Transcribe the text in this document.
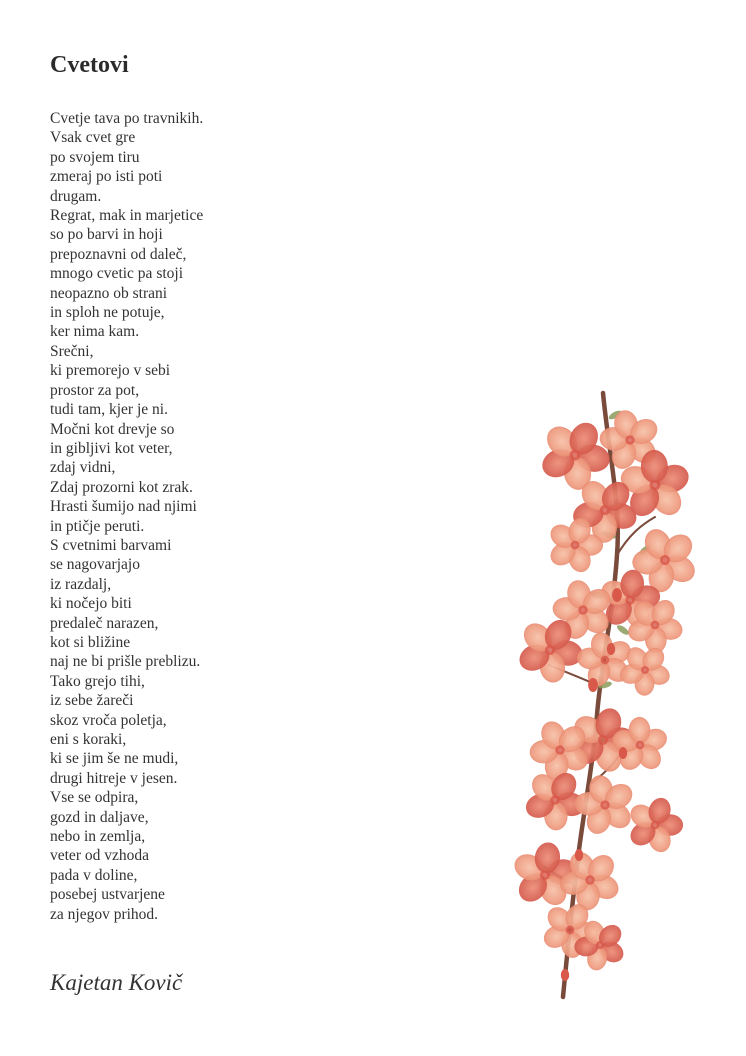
Cvetovi
Cvetje tava po travnikih.
Vsak cvet gre
po svojem tiru
zmeraj po isti poti
drugam.
Regrat, mak in marjetice
so po barvi in hoji
prepoznavni od daleč,
mnogo cvetic pa stoji
neopazno ob strani
in sploh ne potuje,
ker nima kam.
Srečni,
ki premorejo v sebi
prostor za pot,
tudi tam, kjer je ni.
Močni kot drevje so
in gibljivi kot veter,
zdaj vidni,
Zdaj prozorni kot zrak.
Hrasti šumijo nad njimi
in ptičje peruti.
S cvetnimi barvami
se nagovarjajo
iz razdalj,
ki nočejo biti
predaleč narazen,
kot si bližine
naj ne bi prišle preblizu.
Tako grejo tihi,
iz sebe žareči
skoz vroča poletja,
eni s koraki,
ki se jim še ne mudi,
drugi hitreje v jesen.
Vse se odpira,
gozd in daljave,
nebo in zemlja,
veter od vzhoda
pada v doline,
posebej ustvarjene
za njegov prihod.

Kajetan Kovič
